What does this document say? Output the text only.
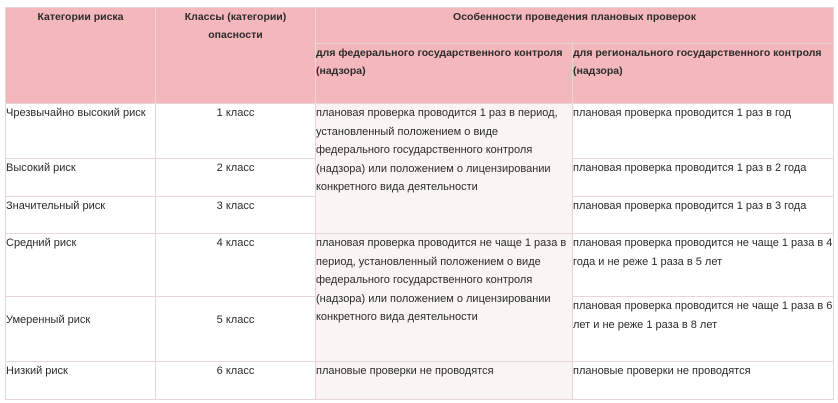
Категории риска	Классы (категории) опасности	Особенности проведения плановых проверок	
		для федерального государственного контроля (надзора)	для регионального государственного контроля (надзора)
Чрезвычайно высокий риск	1 класс	плановая проверка проводится 1 раз в период, установленный положением о виде федерального государственного контроля (надзора) или положением о лицензировании конкретного вида деятельности	плановая проверка проводится 1 раз в год
Высокий риск	2 класс		плановая проверка проводится 1 раз в 2 года
Значительный риск	3 класс		плановая проверка проводится 1 раз в 3 года
Средний риск	4 класс	плановая проверка проводится не чаще 1 раза в период, установленный положением о виде федерального государственного контроля (надзора) или положением о лицензировании конкретного вида деятельности	плановая проверка проводится не чаще 1 раза в 4 года и не реже 1 раза в 5 лет
Умеренный риск	5 класс		плановая проверка проводится не чаще 1 раза в 6 лет и не реже 1 раза в 8 лет
Низкий риск	6 класс	плановые проверки не проводятся	плановые проверки не проводятся
